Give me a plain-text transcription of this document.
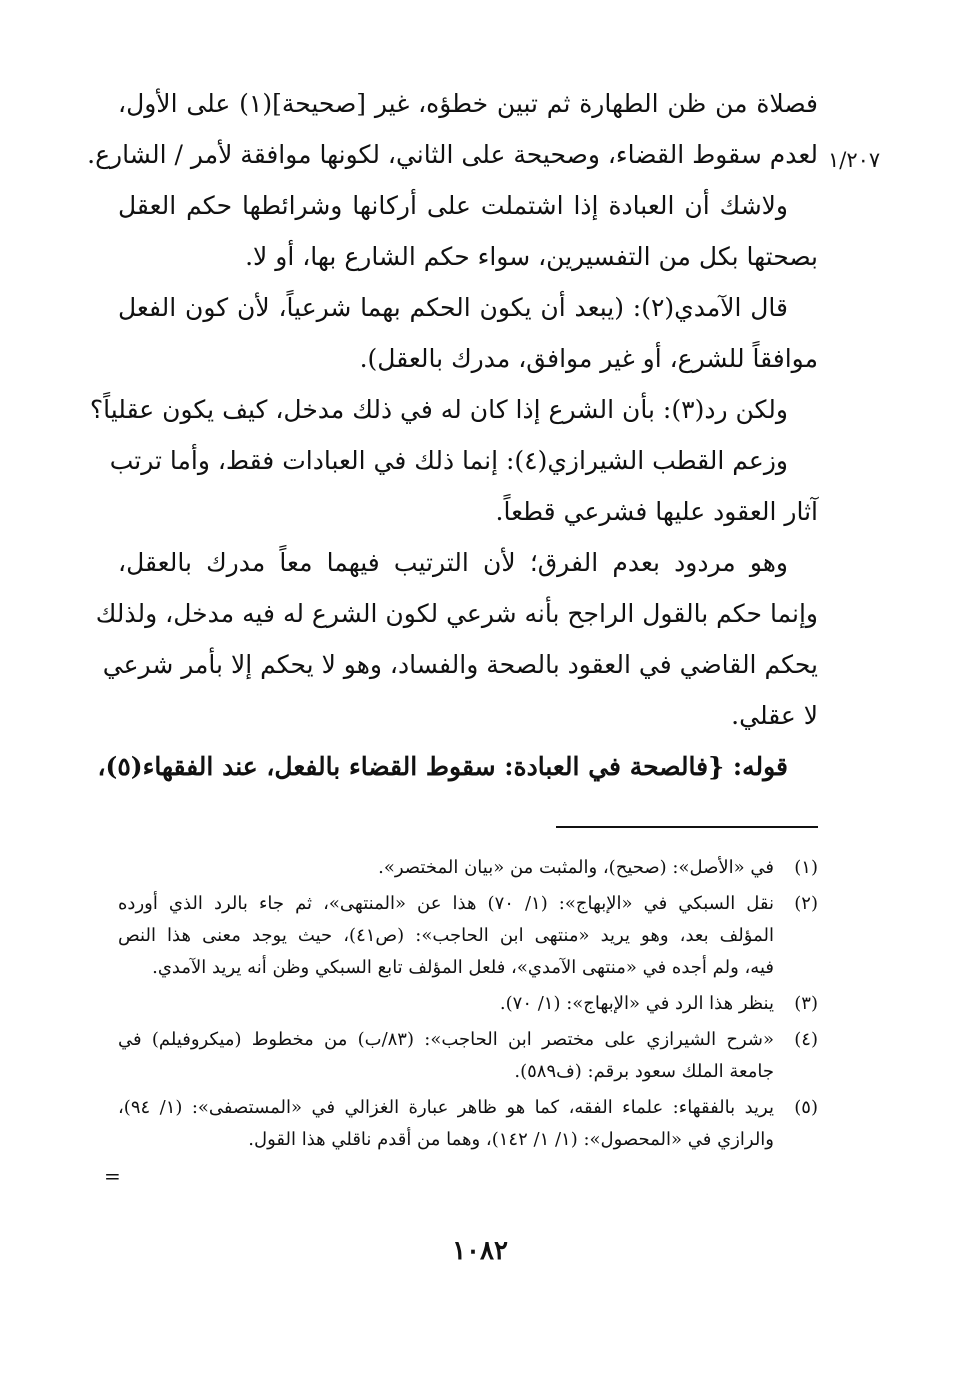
فصلاة من ظن الطهارة ثم تبين خطؤه، غير [صحيحة](١) على الأول،
لعدم سقوط القضاء، وصحيحة على الثاني، لكونها موافقة لأمر / الشارع.
ولاشك أن العبادة إذا اشتملت على أركانها وشرائطها حكم العقل
بصحتها بكل من التفسيرين، سواء حكم الشارع بها، أو لا.
قال الآمدي(٢): (يبعد أن يكون الحكم بهما شرعياً، لأن كون الفعل
موافقاً للشرع، أو غير موافق، مدرك بالعقل).
ولكن رد(٣): بأن الشرع إذا كان له في ذلك مدخل، كيف يكون عقلياً؟
وزعم القطب الشيرازي(٤): إنما ذلك في العبادات فقط، وأما ترتب
آثار العقود عليها فشرعي قطعاً.
وهو مردود بعدم الفرق؛ لأن الترتيب فيهما معاً مدرك بالعقل،
وإنما حكم بالقول الراجح بأنه شرعي لكون الشرع له فيه مدخل، ولذلك
يحكم القاضي في العقود بالصحة والفساد، وهو لا يحكم إلا بأمر شرعي
لا عقلي.
قوله: {فالصحة في العبادة: سقوط القضاء بالفعل، عند الفقهاء(٥)،
١/٢٠٧
(١)
في «الأصل»: (صحيح)، والمثبت من «بيان المختصر».
(٢)
نقل السبكي في «الإبهاج»: (١/ ٧٠) هذا عن «المنتهى»، ثم جاء بالرد الذي أورده
المؤلف بعد، وهو يريد «منتهى ابن الحاجب»: (ص٤١)، حيث يوجد معنى هذا النص
فيه، ولم أجده في «منتهى الآمدي»، فلعل المؤلف تابع السبكي وظن أنه يريد الآمدي.
(٣)
ينظر هذا الرد في «الإبهاج»: (١/ ٧٠).
(٤)
«شرح الشيرازي على مختصر ابن الحاجب»: (٨٣/ب) من مخطوط (ميكروفيلم) في
جامعة الملك سعود برقم: (ف٥٨٩).
(٥)
يريد بالفقهاء: علماء الفقه، كما هو ظاهر عبارة الغزالي في «المستصفى»: (١/ ٩٤)،
والرازي في «المحصول»: (١/ ١/ ١٤٢)، وهما من أقدم ناقلي هذا القول.
=
١٠٨٢
